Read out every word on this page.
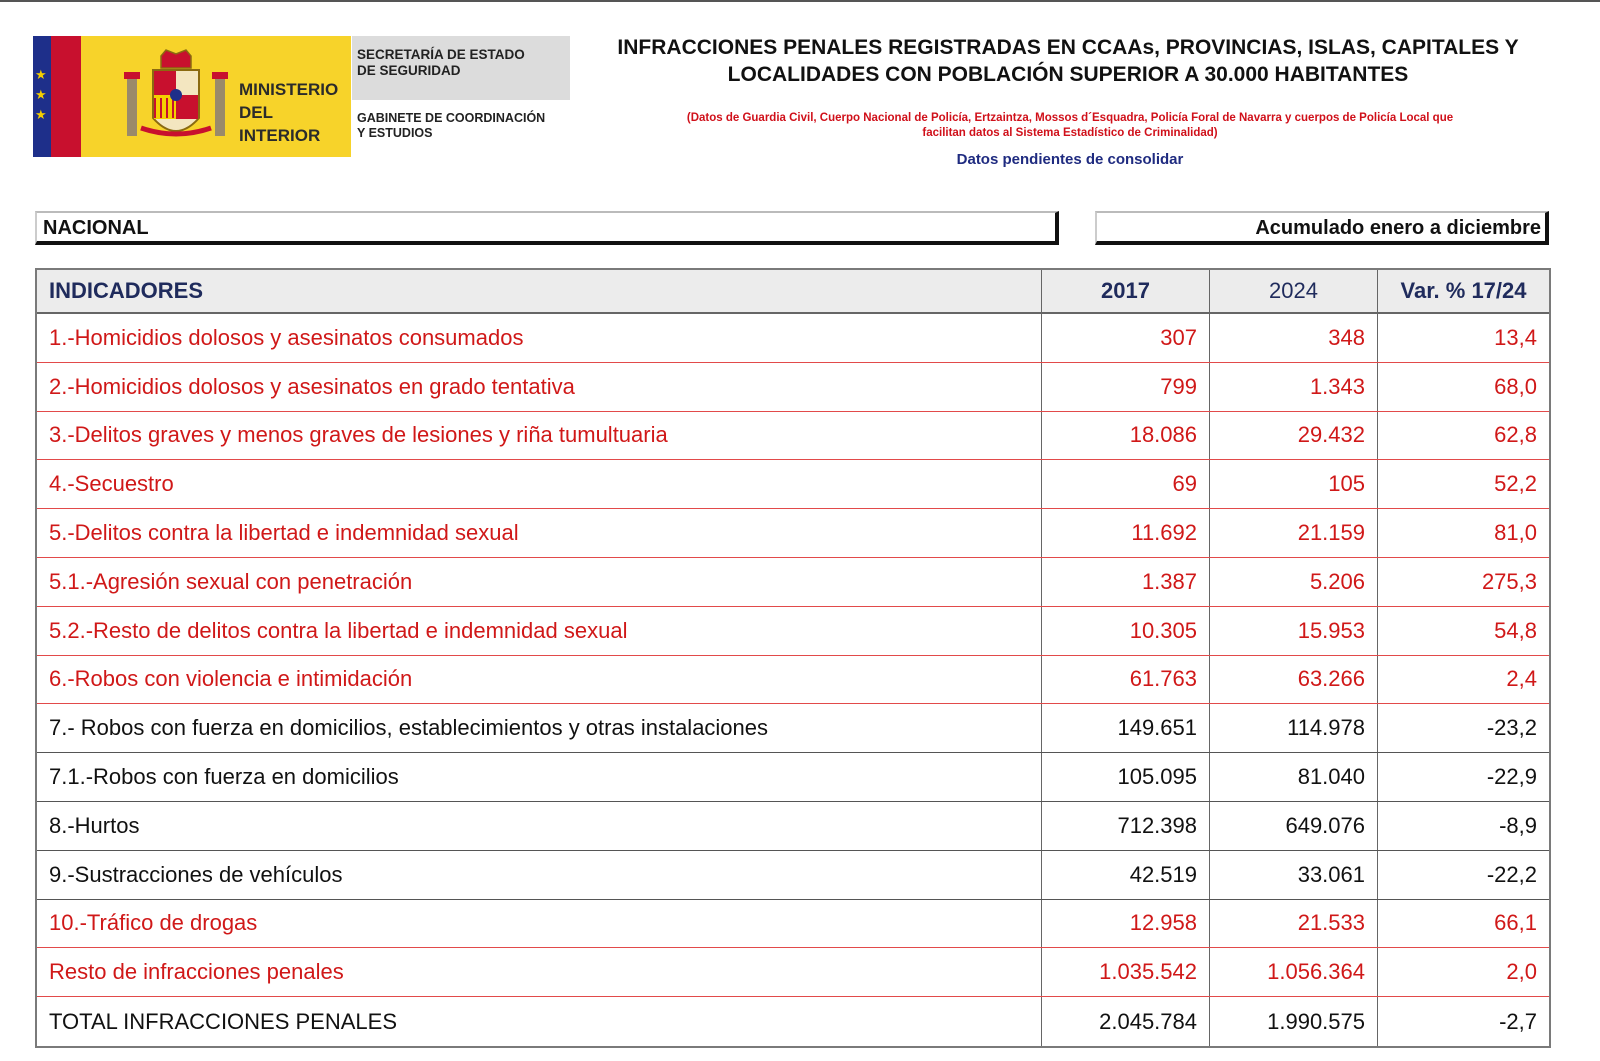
★
★
★
MINISTERIO
DEL INTERIOR
SECRETARÍA DE ESTADO
DE SEGURIDAD
GABINETE DE COORDINACIÓN
Y ESTUDIOS
INFRACCIONES PENALES REGISTRADAS EN CCAAs, PROVINCIAS, ISLAS, CAPITALES Y
LOCALIDADES CON POBLACIÓN SUPERIOR A 30.000 HABITANTES
(Datos de Guardia Civil, Cuerpo Nacional de Policía, Ertzaintza, Mossos d´Esquadra, Policía Foral de Navarra y cuerpos de Policía Local que
facilitan datos al Sistema Estadístico de Criminalidad)
Datos pendientes de consolidar
NACIONAL	Acumulado enero a diciembre
INDICADORES	2017	2024	Var. % 17/24
1.-Homicidios dolosos y asesinatos consumados	307	348	13,4
2.-Homicidios dolosos y asesinatos en grado tentativa	799	1.343	68,0
3.-Delitos graves y menos graves de lesiones y riña tumultuaria	18.086	29.432	62,8
4.-Secuestro	69	105	52,2
5.-Delitos contra la libertad e indemnidad sexual	11.692	21.159	81,0
5.1.-Agresión sexual con penetración	1.387	5.206	275,3
5.2.-Resto de delitos contra la libertad e indemnidad sexual	10.305	15.953	54,8
6.-Robos con violencia e intimidación	61.763	63.266	2,4
7.- Robos con fuerza en domicilios, establecimientos y otras instalaciones	149.651	114.978	-23,2
7.1.-Robos con fuerza en domicilios	105.095	81.040	-22,9
8.-Hurtos	712.398	649.076	-8,9
9.-Sustracciones de vehículos	42.519	33.061	-22,2
10.-Tráfico de drogas	12.958	21.533	66,1
Resto de infracciones penales	1.035.542	1.056.364	2,0
TOTAL INFRACCIONES PENALES	2.045.784	1.990.575	-2,7
